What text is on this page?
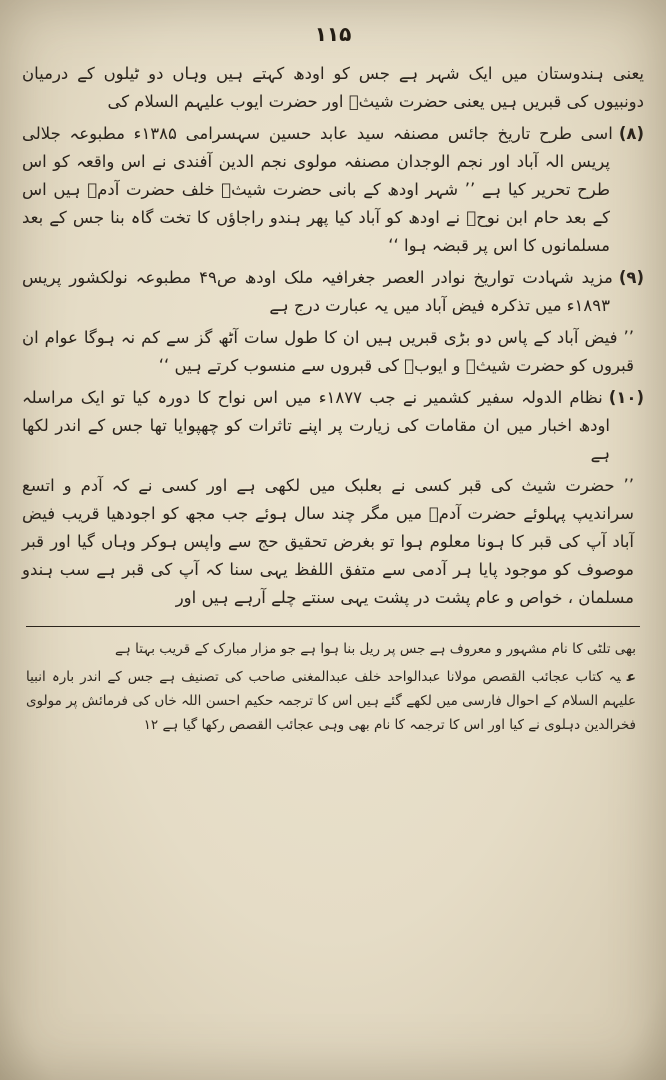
۱۱۵
یعنی ہندوستان میں ایک شہر ہے جس کو اودھ کہتے ہیں وہاں دو ٹیلوں کے درمیان دونبیوں کی قبریں ہیں یعنی حضرت شیثؑ اور حضرت ایوب علیہم السلام کی
(۸)اسی طرح تاریخ جائس مصنفہ سید عابد حسین سہسرامی ۱۳۸۵ء مطبوعہ جلالی پریس الہ آباد اور نجم الوجدان مصنفہ مولوی نجم الدین آفندی نے اس واقعہ کو اس طرح تحریر کیا ہے ’’ شہر اودھ کے بانی حضرت شیثؑ خلف حضرت آدمؑ ہیں اس کے بعد حام ابن نوحؑ نے اودھ کو آباد کیا پھر ہندو راجاؤں کا تخت گاہ بنا جس کے بعد مسلمانوں کا اس پر قبضہ ہوا ‘‘
(۹)مزید شہادت تواریخ نوادر العصر جغرافیہ ملک اودھ ص۴۹ مطبوعہ نولکشور پریس ۱۸۹۳ء میں تذکرہ فیض آباد میں یہ عبارت درج ہے
’’ فیض آباد کے پاس دو بڑی قبریں ہیں ان کا طول سات آٹھ گز سے کم نہ ہوگا عوام ان قبروں کو حضرت شیثؑ و ایوبؑ کی قبروں سے منسوب کرتے ہیں ‘‘
(۱۰)نظام الدولہ سفیر کشمیر نے جب ۱۸۷۷ء میں اس نواح کا دورہ کیا تو ایک مراسلہ اودھ اخبار میں ان مقامات کی زیارت پر اپنے تاثرات کو چھپوایا تھا جس کے اندر لکھا ہے
’’ حضرت شیث کی قبر کسی نے بعلبک میں لکھی ہے اور کسی نے کہ آدم و اتسع سراندیپ پہلوئے حضرت آدمؑ میں مگر چند سال ہوئے جب مجھ کو اجودھیا قریب فیض آباد آپ کی قبر کا ہونا معلوم ہوا تو بغرض تحقیق حج سے واپس ہوکر وہاں گیا اور قبر موصوف کو موجود پایا ہر آدمی سے متفق اللفظ یہی سنا کہ آپ کی قبر ہے سب ہندو مسلمان ، خواص و عام پشت در پشت یہی سنتے چلے آرہے ہیں اور
بھی تلٹی کا نام مشہور و معروف ہے جس پر ریل بنا ہوا ہے جو مزار مبارک کے قریب بہتا ہے
عیہ کتاب عجائب القصص مولانا عبدالواحد خلف عبدالمغنی صاحب کی تصنیف ہے جس کے اندر بارہ انبیا علیہم السلام کے احوال فارسی میں لکھے گئے ہیں اس کا ترجمہ حکیم احسن اللہ خاں کی فرمائش پر مولوی فخرالدین دہلوی نے کیا اور اس کا ترجمہ کا نام بھی وہی عجائب القصص رکھا گیا ہے ۱۲
